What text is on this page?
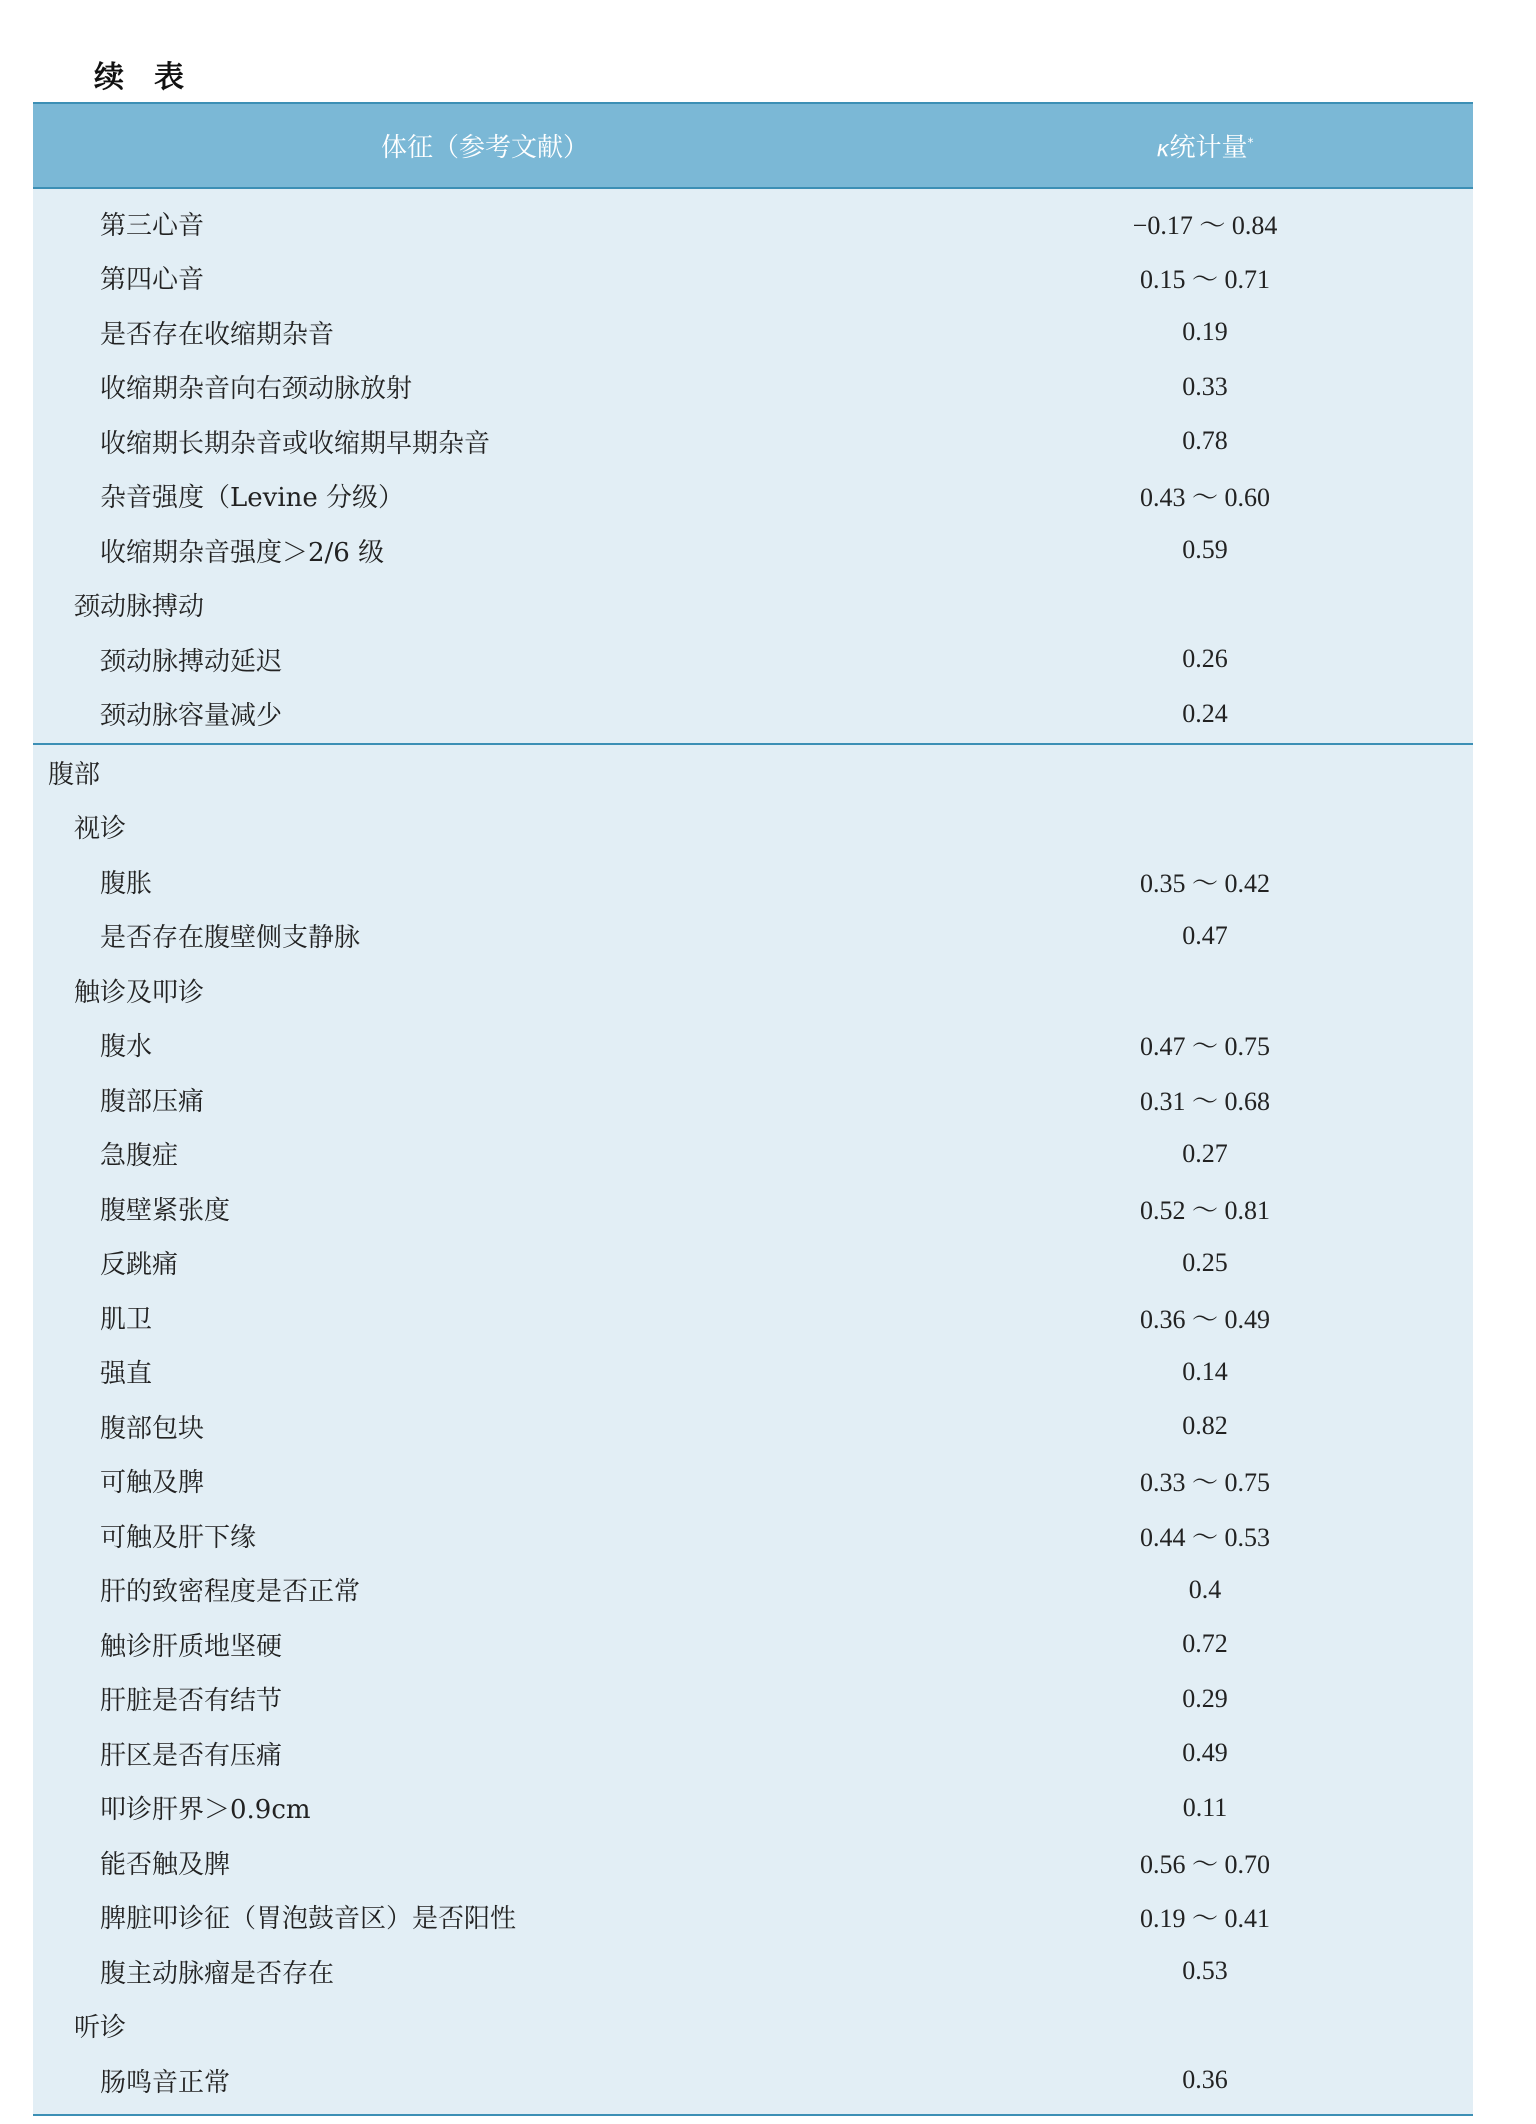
续 表
体征（参考文献）	κ统计量*
第三心音	−0.17 ～ 0.84
第四心音	0.15 ～ 0.71
是否存在收缩期杂音	0.19
收缩期杂音向右颈动脉放射	0.33
收缩期长期杂音或收缩期早期杂音	0.78
杂音强度（Levine 分级）	0.43 ～ 0.60
收缩期杂音强度＞2/6 级	0.59
颈动脉搏动
颈动脉搏动延迟	0.26
颈动脉容量减少	0.24
腹部
视诊
腹胀	0.35 ～ 0.42
是否存在腹壁侧支静脉	0.47
触诊及叩诊
腹水	0.47 ～ 0.75
腹部压痛	0.31 ～ 0.68
急腹症	0.27
腹壁紧张度	0.52 ～ 0.81
反跳痛	0.25
肌卫	0.36 ～ 0.49
强直	0.14
腹部包块	0.82
可触及脾	0.33 ～ 0.75
可触及肝下缘	0.44 ～ 0.53
肝的致密程度是否正常	0.4
触诊肝质地坚硬	0.72
肝脏是否有结节	0.29
肝区是否有压痛	0.49
叩诊肝界＞0.9cm	0.11
能否触及脾	0.56 ～ 0.70
脾脏叩诊征（胃泡鼓音区）是否阳性	0.19 ～ 0.41
腹主动脉瘤是否存在	0.53
听诊
肠鸣音正常	0.36
